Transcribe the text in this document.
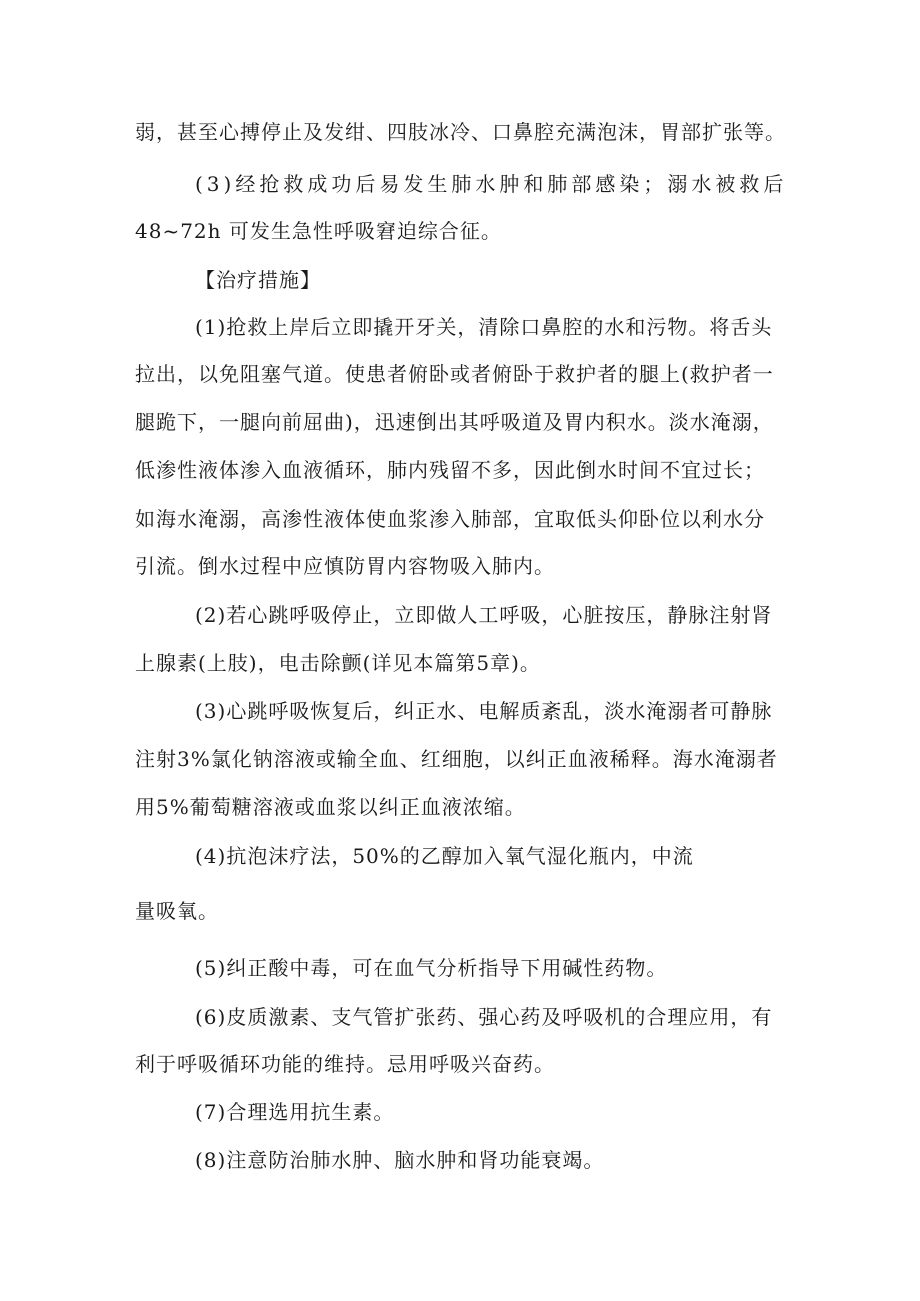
弱，甚至心搏停止及发绀、四肢冰冷、口鼻腔充满泡沫，胃部扩张等。
(3)经抢救成功后易发生肺水肿和肺部感染；溺水被救后
48~72h 可发生急性呼吸窘迫综合征。
【治疗措施】
(1)抢救上岸后立即撬开牙关，清除口鼻腔的水和污物。将舌头
拉出，以免阻塞气道。使患者俯卧或者俯卧于救护者的腿上(救护者一
腿跪下，一腿向前屈曲)，迅速倒出其呼吸道及胃内积水。淡水淹溺，
低渗性液体渗入血液循环，肺内残留不多，因此倒水时间不宜过长；
如海水淹溺，高渗性液体使血浆渗入肺部，宜取低头仰卧位以利水分
引流。倒水过程中应慎防胃内容物吸入肺内。
(2)若心跳呼吸停止，立即做人工呼吸，心脏按压，静脉注射肾
上腺素(上肢)，电击除颤(详见本篇第5章)。
(3)心跳呼吸恢复后，纠正水、电解质紊乱，淡水淹溺者可静脉
注射3%氯化钠溶液或输全血、红细胞，以纠正血液稀释。海水淹溺者
用5%葡萄糖溶液或血浆以纠正血液浓缩。
(4)抗泡沫疗法，50%的乙醇加入氧气湿化瓶内，中流
量吸氧。
(5)纠正酸中毒，可在血气分析指导下用碱性药物。
(6)皮质激素、支气管扩张药、强心药及呼吸机的合理应用，有
利于呼吸循环功能的维持。忌用呼吸兴奋药。
(7)合理选用抗生素。
(8)注意防治肺水肿、脑水肿和肾功能衰竭。
